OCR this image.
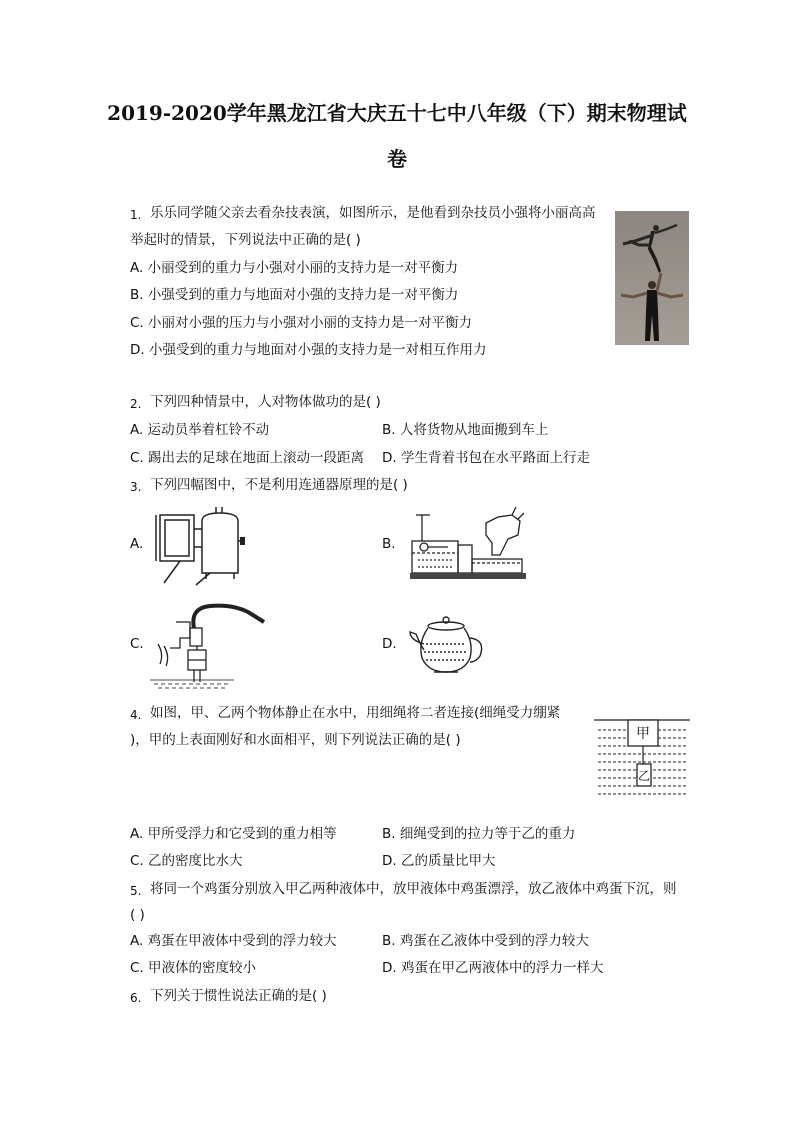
2019-2020学年黑龙江省大庆五十七中八年级（下）期末物理试
卷
1. 乐乐同学随父亲去看杂技表演，如图所示，是他看到杂技员小强将小丽高高
举起时的情景，下列说法中正确的是( )
A. 小丽受到的重力与小强对小丽的支持力是一对平衡力
B. 小强受到的重力与地面对小强的支持力是一对平衡力
C. 小丽对小强的压力与小强对小丽的支持力是一对平衡力
D. 小强受到的重力与地面对小强的支持力是一对相互作用力
2. 下列四种情景中，人对物体做功的是( )
A. 运动员举着杠铃不动	B. 人将货物从地面搬到车上
C. 踢出去的足球在地面上滚动一段距离 D. 学生背着书包在水平路面上行走
3. 下列四幅图中，不是利用连通器原理的是( )
A.	B.
C.	D.
4. 如图，甲、乙两个物体静止在水中，用细绳将二者连接(细绳受力绷紧
)，甲的上表面刚好和水面相平，则下列说法正确的是( )	甲
乙
A. 甲所受浮力和它受到的重力相等	B. 细绳受到的拉力等于乙的重力
C. 乙的密度比水大	D. 乙的质量比甲大
5. 将同一个鸡蛋分别放入甲乙两种液体中，放甲液体中鸡蛋漂浮，放乙液体中鸡蛋下沉，则
( )
A. 鸡蛋在甲液体中受到的浮力较大	B. 鸡蛋在乙液体中受到的浮力较大
C. 甲液体的密度较小	D. 鸡蛋在甲乙两液体中的浮力一样大
6. 下列关于惯性说法正确的是( )
